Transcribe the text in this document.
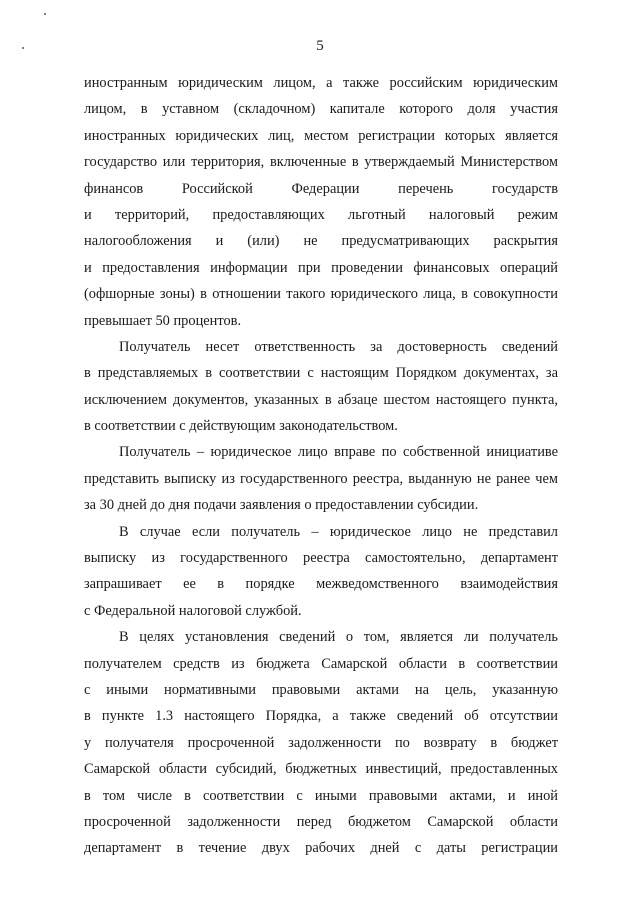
5
иностранным юридическим лицом, а также российским юридическим
лицом, в уставном (складочном) капитале которого доля участия
иностранных юридических лиц, местом регистрации которых является
государство или территория, включенные в утверждаемый Министерством
финансов Российской Федерации перечень государств
и территорий, предоставляющих льготный налоговый режим
налогообложения и (или) не предусматривающих раскрытия
и предоставления информации при проведении финансовых операций
(офшорные зоны) в отношении такого юридического лица, в совокупности
превышает 50 процентов.
Получатель несет ответственность за достоверность сведений
в представляемых в соответствии с настоящим Порядком документах, за
исключением документов, указанных в абзаце шестом настоящего пункта,
в соответствии с действующим законодательством.
Получатель – юридическое лицо вправе по собственной инициативе
представить выписку из государственного реестра, выданную не ранее чем
за 30 дней до дня подачи заявления о предоставлении субсидии.
В случае если получатель – юридическое лицо не представил
выписку из государственного реестра самостоятельно, департамент
запрашивает ее в порядке межведомственного взаимодействия
с Федеральной налоговой службой.
В целях установления сведений о том, является ли получатель
получателем средств из бюджета Самарской области в соответствии
с иными нормативными правовыми актами на цель, указанную
в пункте 1.3 настоящего Порядка, а также сведений об отсутствии
у получателя просроченной задолженности по возврату в бюджет
Самарской области субсидий, бюджетных инвестиций, предоставленных
в том числе в соответствии с иными правовыми актами, и иной
просроченной задолженности перед бюджетом Самарской области
департамент в течение двух рабочих дней с даты регистрации
